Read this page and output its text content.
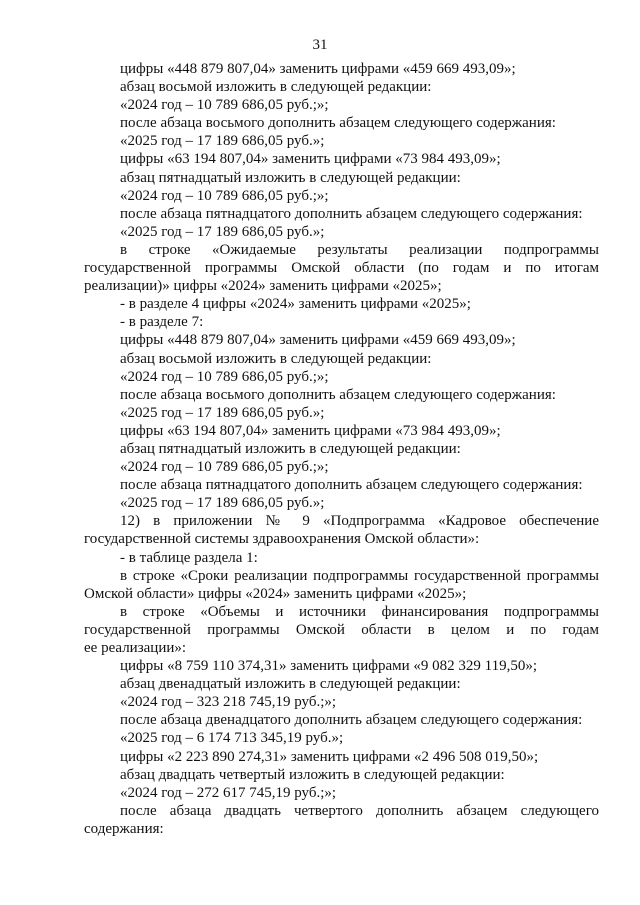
31
цифры «448 879 807,04» заменить цифрами «459 669 493,09»;
абзац восьмой изложить в следующей редакции:
«2024 год – 10 789 686,05 руб.;»;
после абзаца восьмого дополнить абзацем следующего содержания:
«2025 год – 17 189 686,05 руб.»;
цифры «63 194 807,04» заменить цифрами «73 984 493,09»;
абзац пятнадцатый изложить в следующей редакции:
«2024 год – 10 789 686,05 руб.;»;
после абзаца пятнадцатого дополнить абзацем следующего содержания:
«2025 год – 17 189 686,05 руб.»;
в строке «Ожидаемые результаты реализации подпрограммы
государственной программы Омской области (по годам и по итогам
реализации)» цифры «2024» заменить цифрами «2025»;
- в разделе 4 цифры «2024» заменить цифрами «2025»;
- в разделе 7:
цифры «448 879 807,04» заменить цифрами «459 669 493,09»;
абзац восьмой изложить в следующей редакции:
«2024 год – 10 789 686,05 руб.;»;
после абзаца восьмого дополнить абзацем следующего содержания:
«2025 год – 17 189 686,05 руб.»;
цифры «63 194 807,04» заменить цифрами «73 984 493,09»;
абзац пятнадцатый изложить в следующей редакции:
«2024 год – 10 789 686,05 руб.;»;
после абзаца пятнадцатого дополнить абзацем следующего содержания:
«2025 год – 17 189 686,05 руб.»;
12) в приложении № 9 «Подпрограмма «Кадровое обеспечение
государственной системы здравоохранения Омской области»:
- в таблице раздела 1:
в строке «Сроки реализации подпрограммы государственной программы
Омской области» цифры «2024» заменить цифрами «2025»;
в строке «Объемы и источники финансирования подпрограммы
государственной программы Омской области в целом и по годам
ее реализации»:
цифры «8 759 110 374,31» заменить цифрами «9 082 329 119,50»;
абзац двенадцатый изложить в следующей редакции:
«2024 год – 323 218 745,19 руб.;»;
после абзаца двенадцатого дополнить абзацем следующего содержания:
«2025 год – 6 174 713 345,19 руб.»;
цифры «2 223 890 274,31» заменить цифрами «2 496 508 019,50»;
абзац двадцать четвертый изложить в следующей редакции:
«2024 год – 272 617 745,19 руб.;»;
после абзаца двадцать четвертого дополнить абзацем следующего
содержания:
